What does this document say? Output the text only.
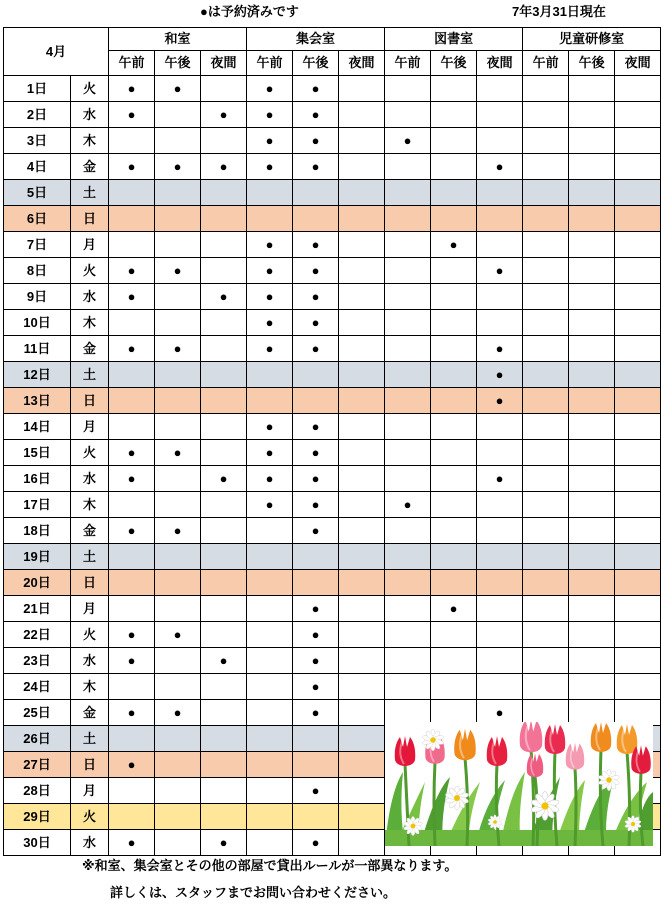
●は予約済みです	7年3月31日現在
4月		和室			集会室			図書室			児童研修室		
		午前	午後	夜間	午前	午後	夜間	午前	午後	夜間	午前	午後	夜間
1日	火	●	●		●	●							
2日	水	●		●	●	●							
3日	木				●	●		●					
4日	金	●	●	●	●	●				●			
5日	土												
6日	日												
7日	月				●	●			●				
8日	火	●	●		●	●				●			
9日	水	●		●	●	●							
10日	木				●	●							
11日	金	●	●		●	●				●			
12日	土									●			
13日	日									●			
14日	月				●	●							
15日	火	●	●		●	●							
16日	水	●		●	●	●				●			
17日	木				●	●		●					
18日	金	●	●			●							
19日	土												
20日	日												
21日	月					●			●				
22日	火	●	●			●							
23日	水	●		●		●							
24日	木					●							
25日	金	●	●			●				●			
26日	土												
27日	日	●											
28日	月					●							
29日	火												
30日	水	●		●		●							
※和室、集会室とその他の部屋で貸出ルールが一部異なります。
詳しくは、スタッフまでお問い合わせください。
